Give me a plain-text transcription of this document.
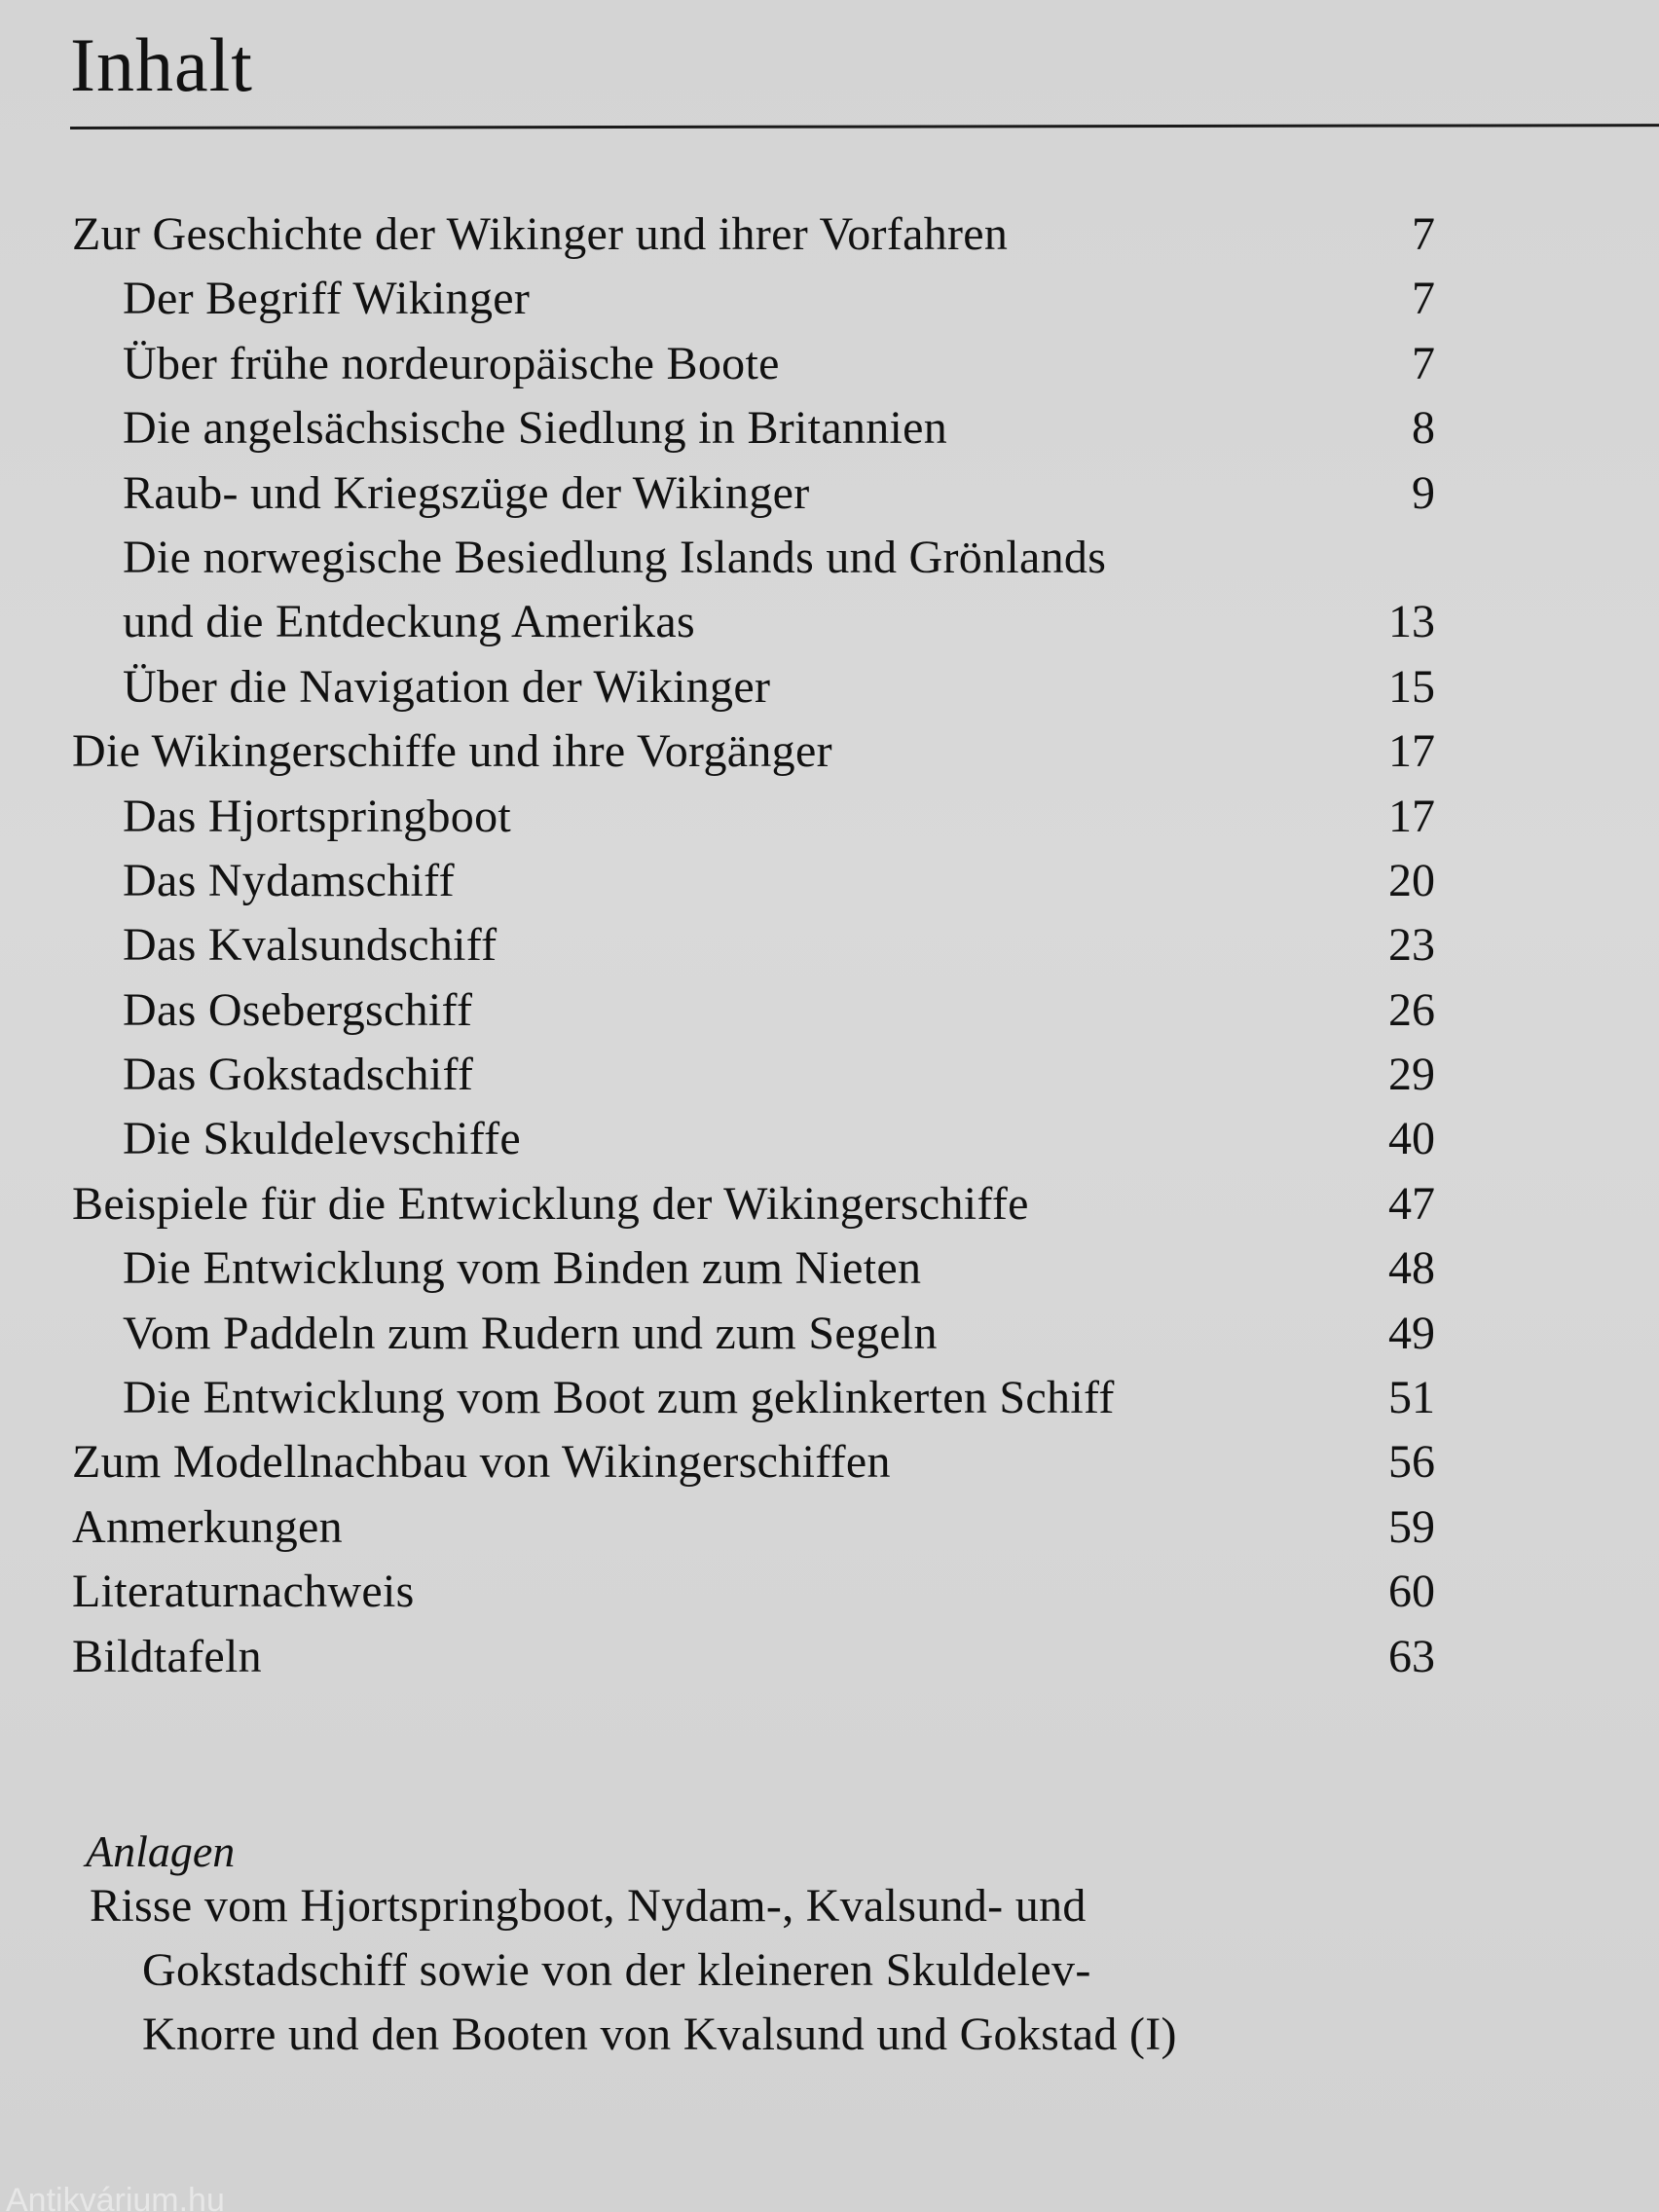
Inhalt
Zur Geschichte der Wikinger und ihrer Vorfahren	7
Der Begriff Wikinger	7
Über frühe nordeuropäische Boote	7
Die angelsächsische Siedlung in Britannien	8
Raub- und Kriegszüge der Wikinger	9
Die norwegische Besiedlung Islands und Grönlands
und die Entdeckung Amerikas	13
Über die Navigation der Wikinger	15
Die Wikingerschiffe und ihre Vorgänger	17
Das Hjortspringboot	17
Das Nydamschiff	20
Das Kvalsundschiff	23
Das Osebergschiff	26
Das Gokstadschiff	29
Die Skuldelevschiffe	40
Beispiele für die Entwicklung der Wikingerschiffe	47
Die Entwicklung vom Binden zum Nieten	48
Vom Paddeln zum Rudern und zum Segeln	49
Die Entwicklung vom Boot zum geklinkerten Schiff	51
Zum Modellnachbau von Wikingerschiffen	56
Anmerkungen	59
Literaturnachweis	60
Bildtafeln	63
Anlagen
Risse vom Hjortspringboot, Nydam-, Kvalsund- und
Gokstadschiff sowie von der kleineren Skuldelev-
Knorre und den Booten von Kvalsund und Gokstad (I)
Antikvárium.hu
